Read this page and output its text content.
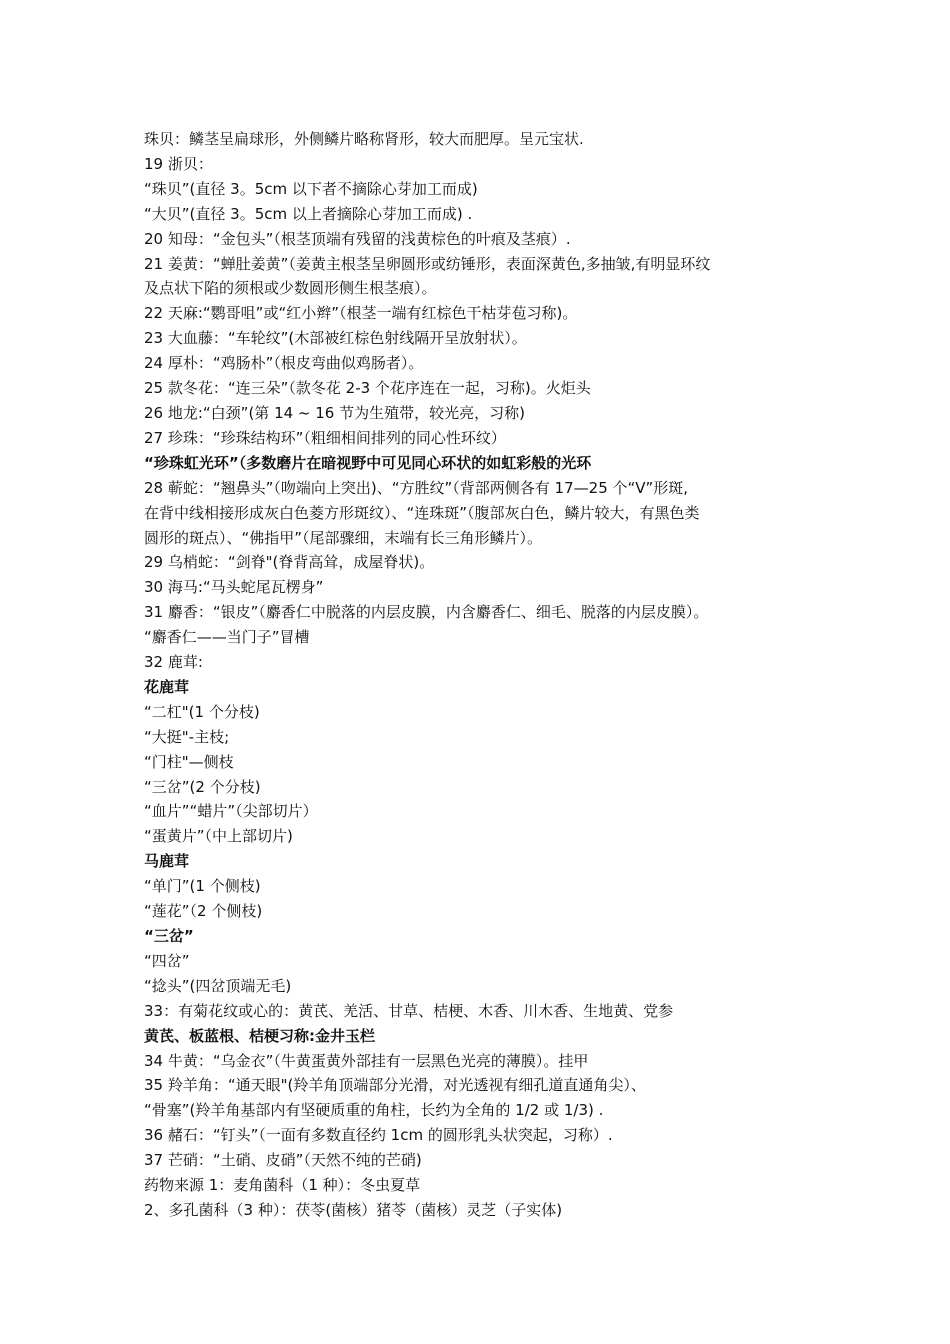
珠贝：鳞茎呈扁球形，外侧鳞片略称肾形，较大而肥厚。呈元宝状.
19 浙贝：
“珠贝”(直径 3。5cm 以下者不摘除心芽加工而成)
“大贝”(直径 3。5cm 以上者摘除心芽加工而成) .
20 知母：“金包头”（根茎顶端有残留的浅黄棕色的叶痕及茎痕）.
21 姜黄：“蝉肚姜黄”（姜黄主根茎呈卵圆形或纺锤形，表面深黄色,多抽皱,有明显环纹
及点状下陷的须根或少数圆形侧生根茎痕）。
22 天麻:“鹦哥咀”或“红小辫”（根茎一端有红棕色干枯芽苞习称)。
23 大血藤：“车轮纹”(木部被红棕色射线隔开呈放射状）。
24 厚朴：“鸡肠朴”（根皮弯曲似鸡肠者）。
25 款冬花：“连三朵”（款冬花 2-3 个花序连在一起，习称)。火炬头
26 地龙:“白颈”(第 14 ~ 16 节为生殖带，较光亮，习称)
27 珍珠：“珍珠结构环”（粗细相间排列的同心性环纹）
“珍珠虹光环”（多数磨片在暗视野中可见同心环状的如虹彩般的光环
28 蕲蛇：“翘鼻头”（吻端向上突出)、“方胜纹”（背部两侧各有 17—25 个“V”形斑,
在背中线相接形成灰白色菱方形斑纹）、“连珠斑”（腹部灰白色，鳞片较大，有黑色类
圆形的斑点）、“佛指甲”（尾部骤细，末端有长三角形鳞片）。
29 乌梢蛇：“剑脊"(脊背高耸，成屋脊状)。
30 海马:“马头蛇尾瓦楞身”
31 麝香：“银皮”（麝香仁中脱落的内层皮膜，内含麝香仁、细毛、脱落的内层皮膜）。
“麝香仁——当门子”冒槽
32 鹿茸:
花鹿茸
“二杠"(1 个分枝)
“大挺"-主枝;
“门柱"—侧枝
“三岔”(2 个分枝)
“血片”“蜡片”（尖部切片）
“蛋黄片”（中上部切片)
马鹿茸
“单门”(1 个侧枝)
“莲花”（2 个侧枝)
“三岔”
“四岔”
“捻头”(四岔顶端无毛)
33：有菊花纹或心的：黄芪、羌活、甘草、桔梗、木香、川木香、生地黄、党参
黄芪、板蓝根、桔梗习称:金井玉栏
34 牛黄：“乌金衣”（牛黄蛋黄外部挂有一层黑色光亮的薄膜）。挂甲
35 羚羊角：“通天眼"(羚羊角顶端部分光滑，对光透视有细孔道直通角尖）、
“骨塞”(羚羊角基部内有坚硬质重的角柱，长约为全角的 1/2 或 1/3) .
36 赭石：“钉头”（一面有多数直径约 1cm 的圆形乳头状突起，习称）.
37 芒硝：“土硝、皮硝”（天然不纯的芒硝)
药物来源 1：麦角菌科（1 种）：冬虫夏草
2、多孔菌科（3 种）：茯苓(菌核）猪苓（菌核）灵芝（子实体)
